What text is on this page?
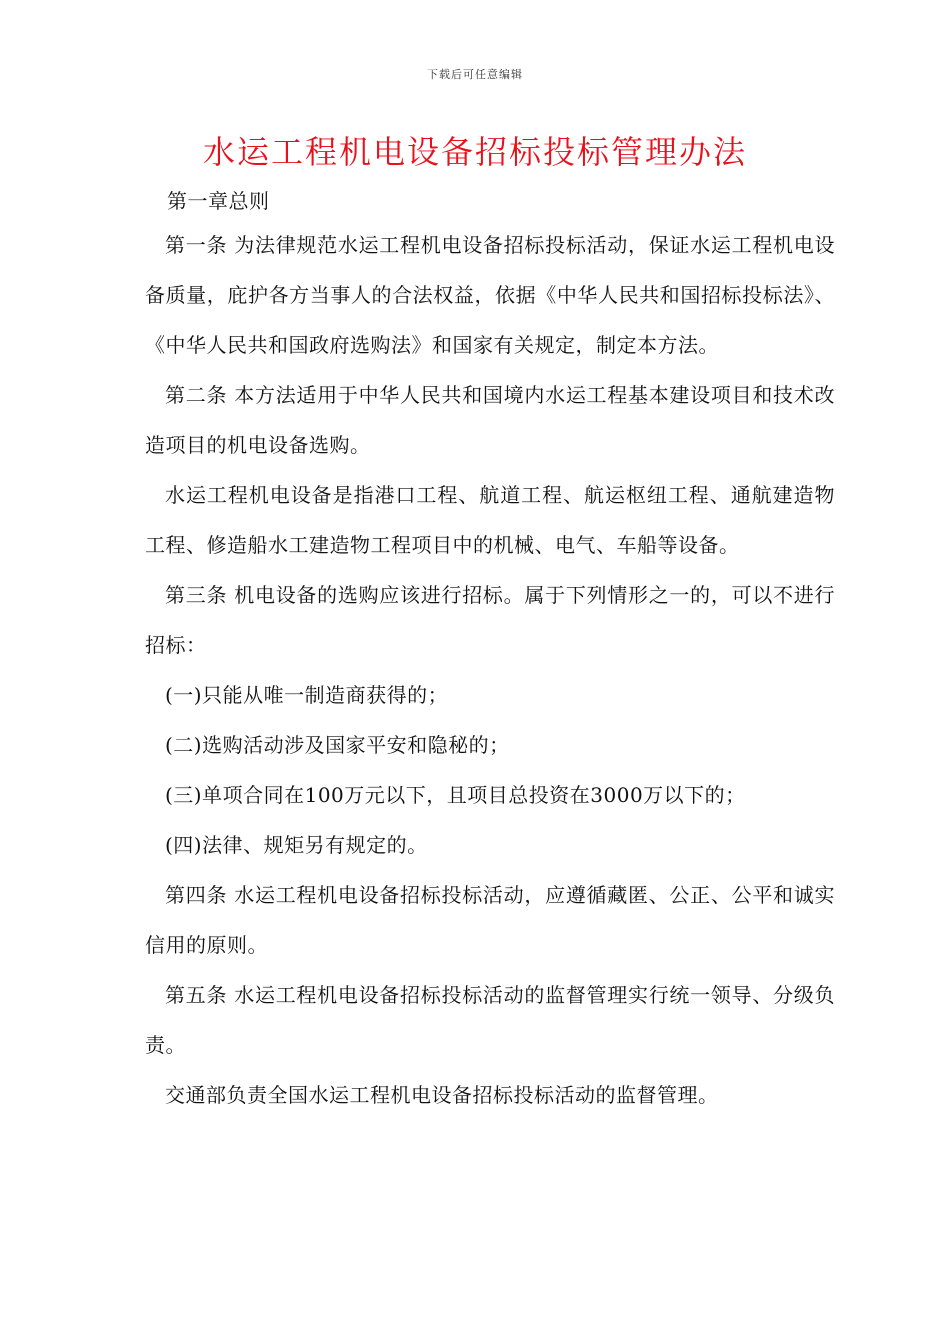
下载后可任意编辑
水运工程机电设备招标投标管理办法

第一章总则

第一条 为法律规范水运工程机电设备招标投标活动，保证水运工程机电设备质量，庇护各方当事人的合法权益，依据《中华人民共和国招标投标法》、《中华人民共和国政府选购法》和国家有关规定，制定本方法。

第二条 本方法适用于中华人民共和国境内水运工程基本建设项目和技术改造项目的机电设备选购。

水运工程机电设备是指港口工程、航道工程、航运枢纽工程、通航建造物工程、修造船水工建造物工程项目中的机械、电气、车船等设备。

第三条 机电设备的选购应该进行招标。属于下列情形之一的，可以不进行招标：

(一)只能从唯一制造商获得的；

(二)选购活动涉及国家平安和隐秘的；

(三)单项合同在100万元以下，且项目总投资在3000万以下的；

(四)法律、规矩另有规定的。

第四条 水运工程机电设备招标投标活动，应遵循藏匿、公正、公平和诚实信用的原则。

第五条 水运工程机电设备招标投标活动的监督管理实行统一领导、分级负责。

交通部负责全国水运工程机电设备招标投标活动的监督管理。
